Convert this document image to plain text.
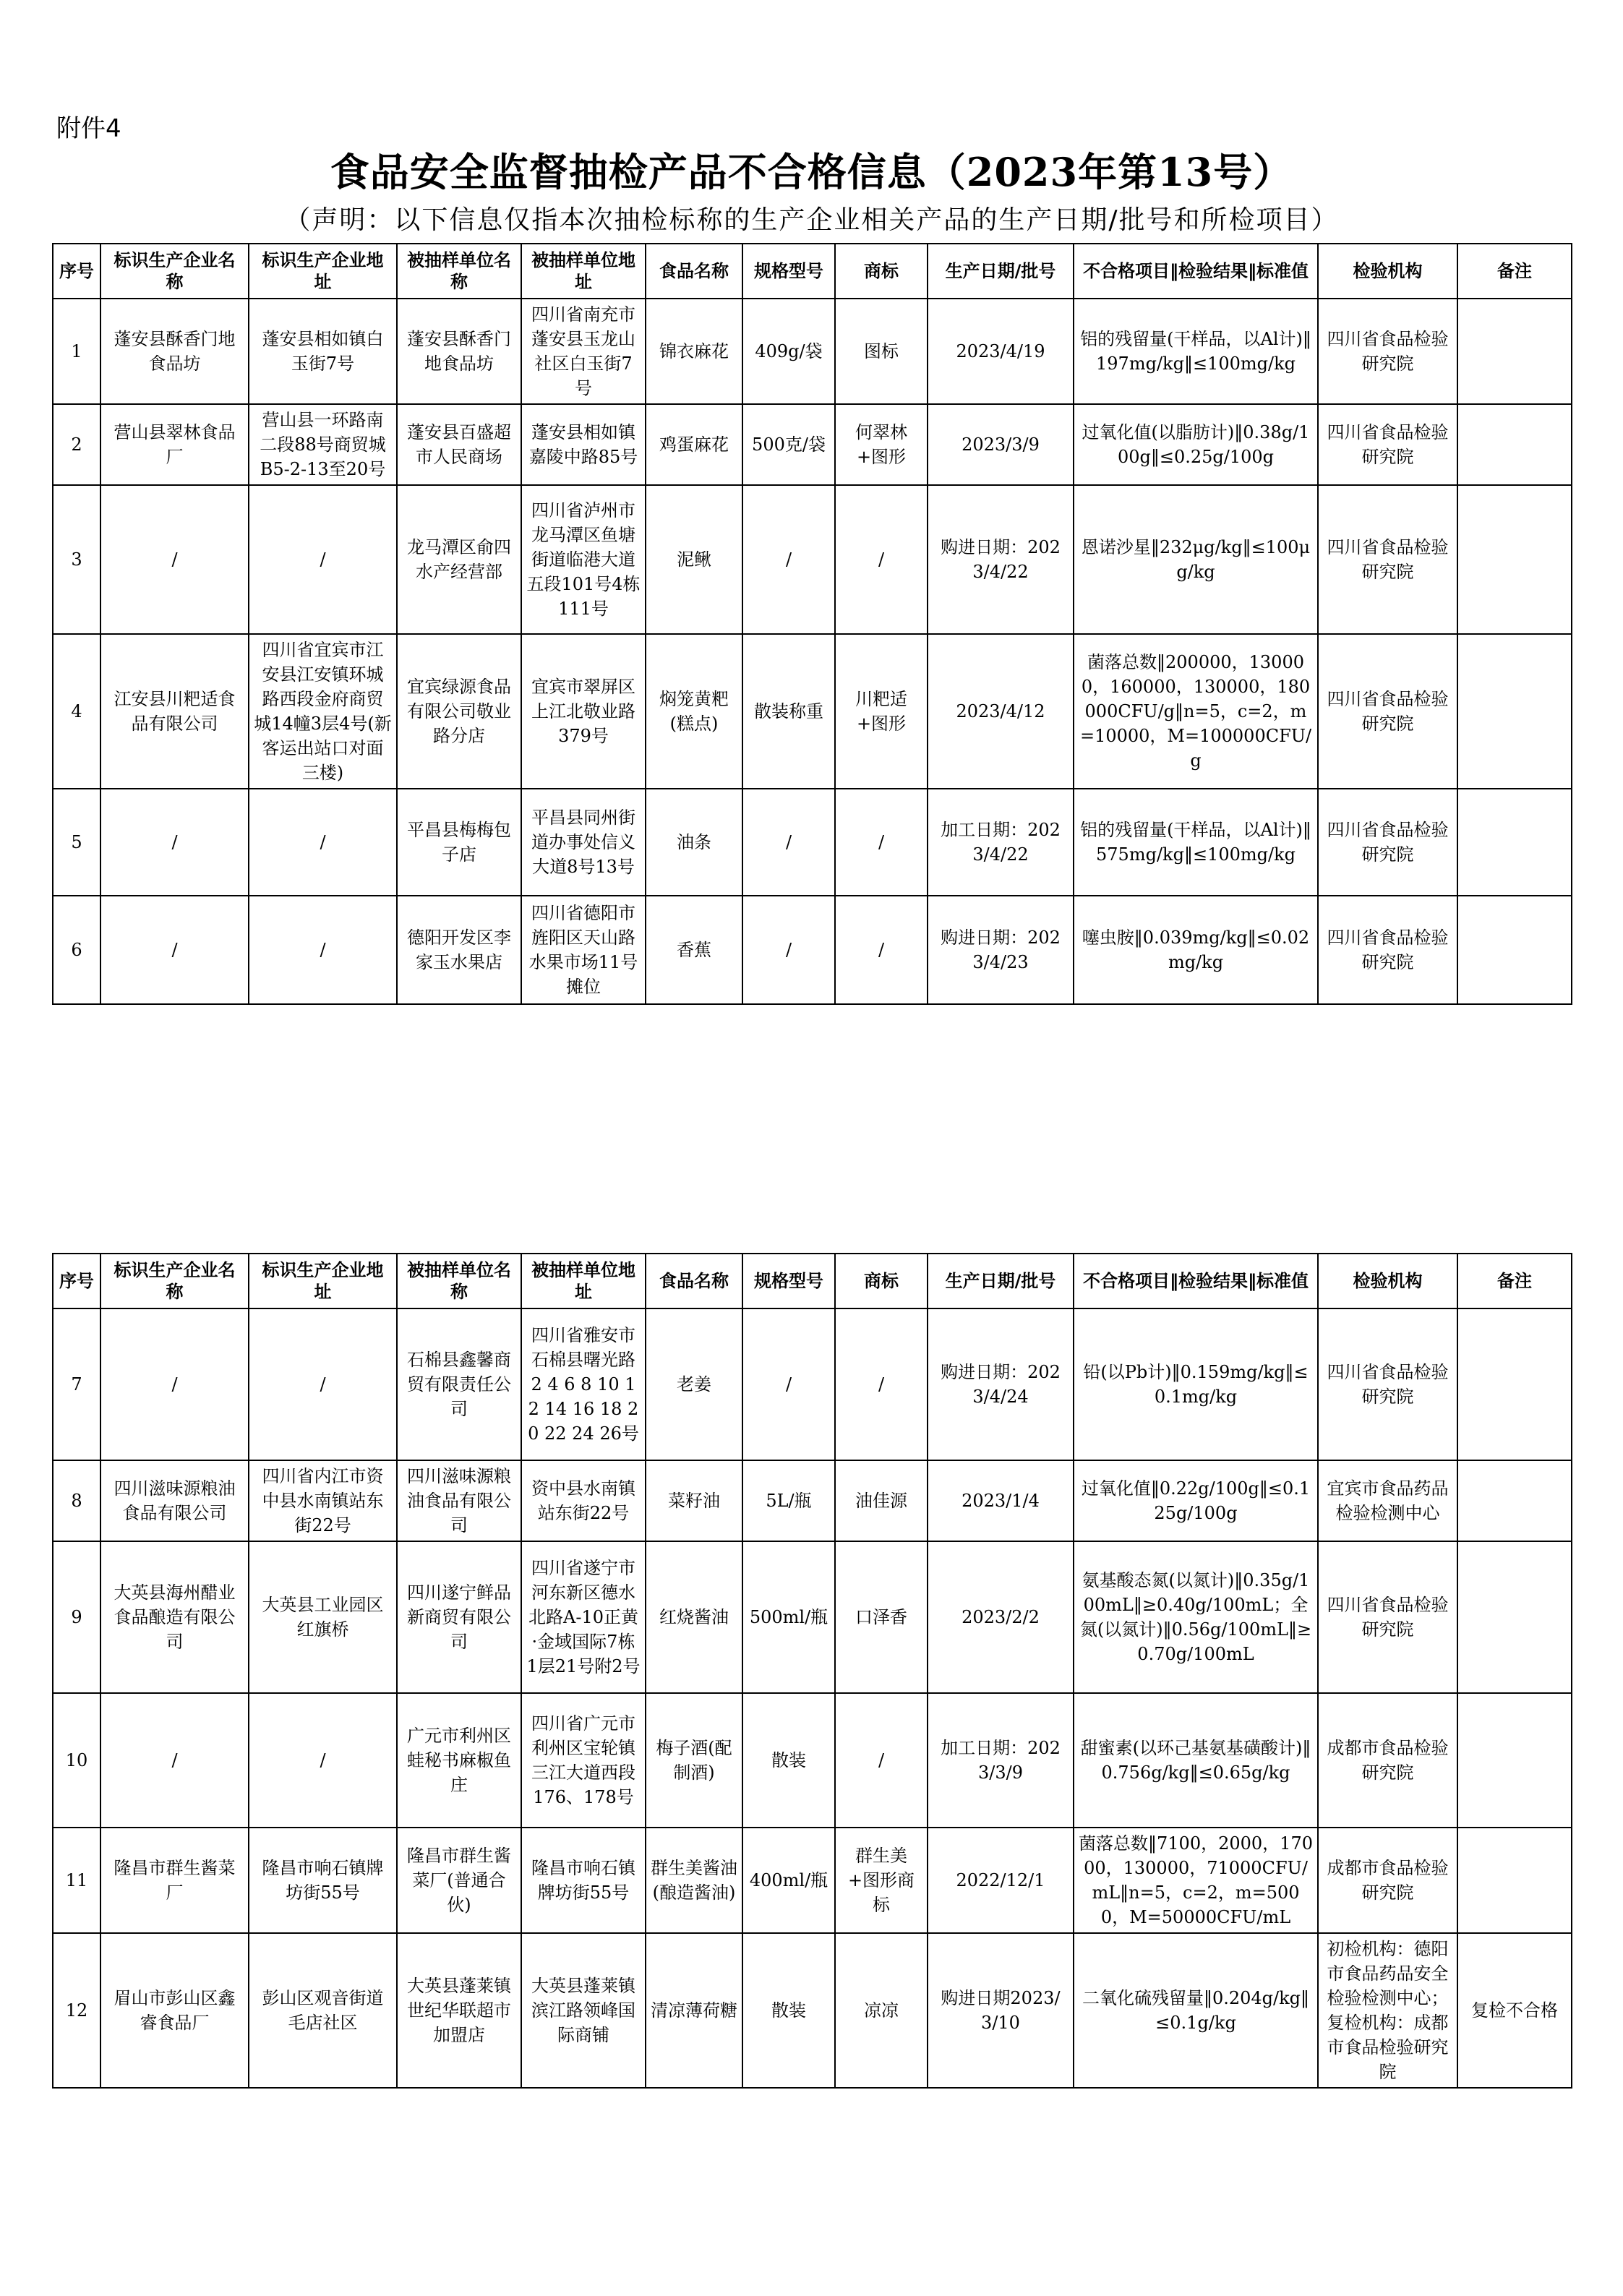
附件4
食品安全监督抽检产品不合格信息（2023年第13号）
（声明：以下信息仅指本次抽检标称的生产企业相关产品的生产日期/批号和所检项目）
序号	标识生产企业名称	标识生产企业地址	被抽样单位名称	被抽样单位地址	食品名称	规格型号	商标	生产日期/批号	不合格项目‖检验结果‖标准值	检验机构	备注
1	蓬安县酥香门地食品坊	蓬安县相如镇白玉街7号	蓬安县酥香门地食品坊	四川省南充市蓬安县玉龙山社区白玉街7号	锦衣麻花	409g/袋	图标	2023/4/19	铝的残留量(干样品，以Al计)‖197mg/kg‖≤100mg/kg	四川省食品检验研究院	
2	营山县翠林食品厂	营山县一环路南二段88号商贸城B5-2-13至20号	蓬安县百盛超市人民商场	蓬安县相如镇嘉陵中路85号	鸡蛋麻花	500克/袋	何翠林+图形	2023/3/9	过氧化值(以脂肪计)‖0.38g/100g‖≤0.25g/100g	四川省食品检验研究院	
3	/	/	龙马潭区俞四水产经营部	四川省泸州市龙马潭区鱼塘街道临港大道五段101号4栋111号	泥鳅	/	/	购进日期：2023/4/22	恩诺沙星‖232μg/kg‖≤100μg/kg	四川省食品检验研究院	
4	江安县川粑适食品有限公司	四川省宜宾市江安县江安镇环城路西段金府商贸城14幢3层4号(新客运出站口对面三楼)	宜宾绿源食品有限公司敬业路分店	宜宾市翠屏区上江北敬业路379号	焖笼黄粑(糕点)	散装称重	川粑适+图形	2023/4/12	菌落总数‖200000，130000，160000，130000，180000CFU/g‖n=5，c=2，m=10000，M=100000CFU/g	四川省食品检验研究院	
5	/	/	平昌县梅梅包子店	平昌县同州街道办事处信义大道8号13号	油条	/	/	加工日期：2023/4/22	铝的残留量(干样品，以Al计)‖575mg/kg‖≤100mg/kg	四川省食品检验研究院	
6	/	/	德阳开发区李家玉水果店	四川省德阳市旌阳区天山路水果市场11号摊位	香蕉	/	/	购进日期：2023/4/23	噻虫胺‖0.039mg/kg‖≤0.02mg/kg	四川省食品检验研究院	
序号	标识生产企业名称	标识生产企业地址	被抽样单位名称	被抽样单位地址	食品名称	规格型号	商标	生产日期/批号	不合格项目‖检验结果‖标准值	检验机构	备注
7	/	/	石棉县鑫馨商贸有限责任公司	四川省雅安市石棉县曙光路2 4 6 8 10 12 14 16 18 20 22 24 26号	老姜	/	/	购进日期：2023/4/24	铅(以Pb计)‖0.159mg/kg‖≤0.1mg/kg	四川省食品检验研究院	
8	四川滋味源粮油食品有限公司	四川省内江市资中县水南镇站东街22号	四川滋味源粮油食品有限公司	资中县水南镇站东街22号	菜籽油	5L/瓶	油佳源	2023/1/4	过氧化值‖0.22g/100g‖≤0.125g/100g	宜宾市食品药品检验检测中心	
9	大英县海州醋业食品酿造有限公司	大英县工业园区红旗桥	四川遂宁鲜品新商贸有限公司	四川省遂宁市河东新区德水北路A-10正黄·金域国际7栋1层21号附2号	红烧酱油	500ml/瓶	口泽香	2023/2/2	氨基酸态氮(以氮计)‖0.35g/100mL‖≥0.40g/100mL；全氮(以氮计)‖0.56g/100mL‖≥0.70g/100mL	四川省食品检验研究院	
10	/	/	广元市利州区蛙秘书麻椒鱼庄	四川省广元市利州区宝轮镇三江大道西段176、178号	梅子酒(配制酒)	散装	/	加工日期：2023/3/9	甜蜜素(以环己基氨基磺酸计)‖0.756g/kg‖≤0.65g/kg	成都市食品检验研究院	
11	隆昌市群生酱菜厂	隆昌市响石镇牌坊街55号	隆昌市群生酱菜厂(普通合伙)	隆昌市响石镇牌坊街55号	群生美酱油(酿造酱油)	400ml/瓶	群生美+图形商标	2022/12/1	菌落总数‖7100，2000，17000，130000，71000CFU/mL‖n=5，c=2，m=5000，M=50000CFU/mL	成都市食品检验研究院	
12	眉山市彭山区鑫睿食品厂	彭山区观音街道毛店社区	大英县蓬莱镇世纪华联超市加盟店	大英县蓬莱镇滨江路领峰国际商铺	清凉薄荷糖	散装	凉凉	购进日期2023/3/10	二氧化硫残留量‖0.204g/kg‖≤0.1g/kg	初检机构：德阳市食品药品安全检验检测中心；复检机构：成都市食品检验研究院	复检不合格
